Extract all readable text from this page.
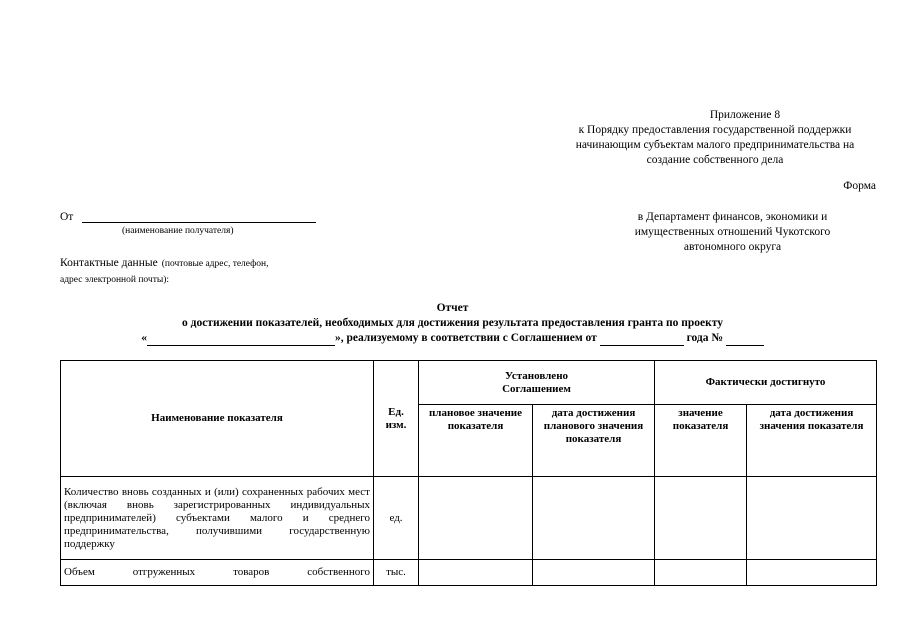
Приложение 8
к Порядку предоставления государственной поддержки
начинающим субъектам малого предпринимательства на
создание собственного дела
Форма
От
(наименование получателя)
Контактные данные (почтовые адрес, телефон,
адрес электронной почты):
в Департамент финансов, экономики и
имущественных отношений Чукотского
автономного округа
Отчет
о достижении показателей, необходимых для достижения результата предоставления гранта по проекту
«	», реализуемому в соответствии с Соглашением от	года №
Наименование показателя	Ед. изм.	Установлено Соглашением		Фактически достигнуто	
		плановое значение показателя	дата достижения планового значения показателя	значение показателя	дата достижения значения показателя
Количество вновь созданных и (или) сохраненных рабочих мест (включая вновь зарегистрированных индивидуальных предпринимателей) субъектами малого и среднего предпринимательства, получившими государственную поддержку	ед.				
Объем отгруженных товаров собственного	тыс.				
